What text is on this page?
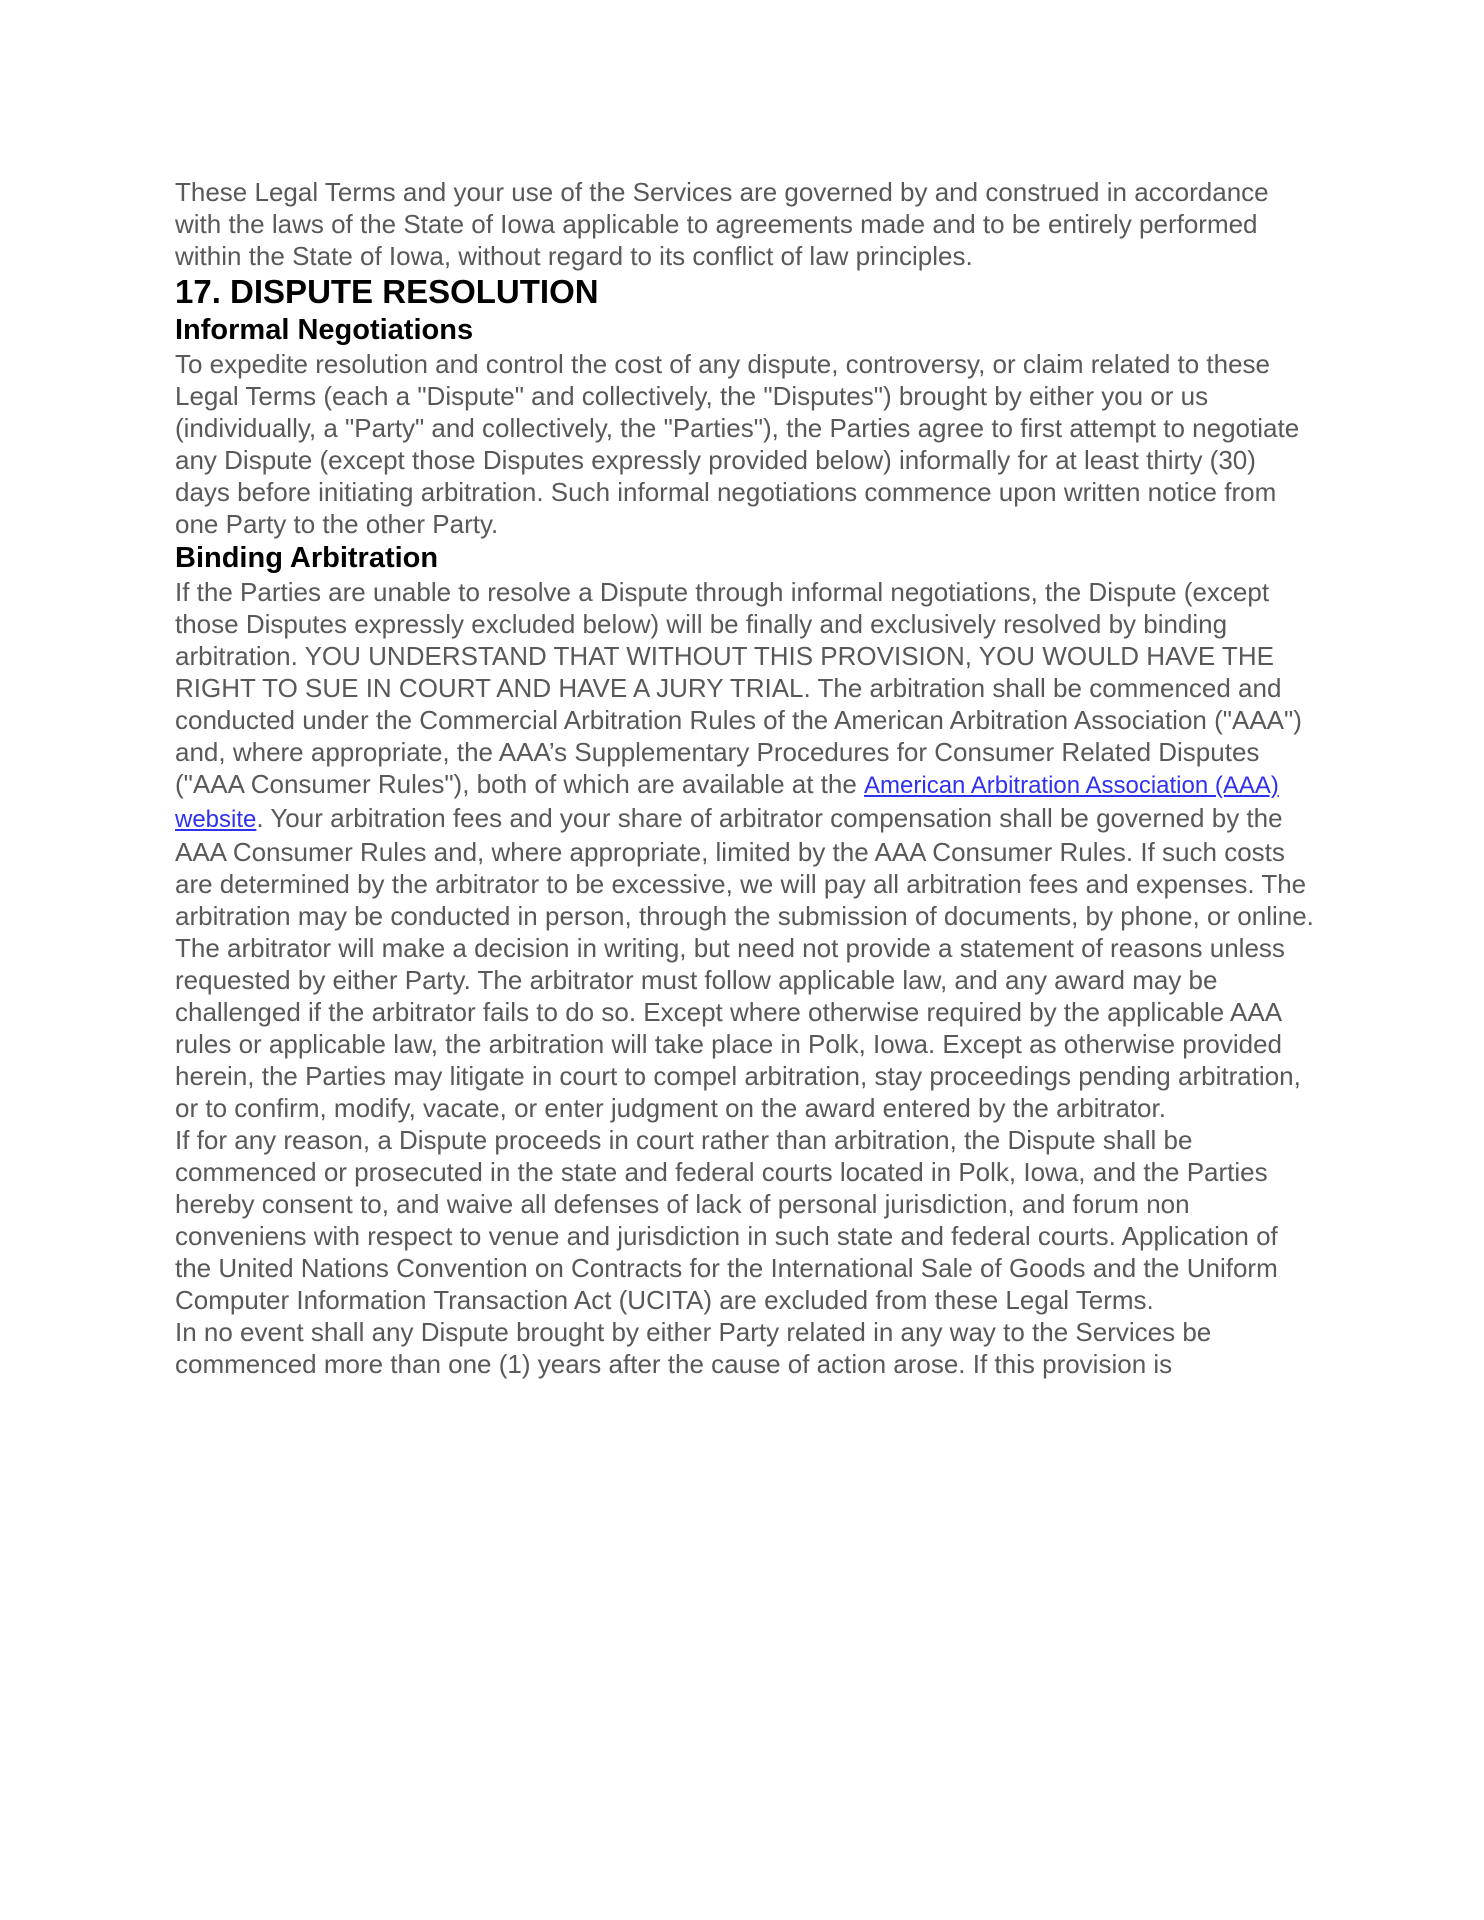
These Legal Terms and your use of the Services are governed by and construed in accordance with the laws of the State of Iowa applicable to agreements made and to be entirely performed within the State of Iowa, without regard to its conflict of law principles.

17. DISPUTE RESOLUTION
Informal Negotiations

To expedite resolution and control the cost of any dispute, controversy, or claim related to these Legal Terms (each a "Dispute" and collectively, the "Disputes") brought by either you or us (individually, a "Party" and collectively, the "Parties"), the Parties agree to first attempt to negotiate any Dispute (except those Disputes expressly provided below) informally for at least thirty (30) days before initiating arbitration. Such informal negotiations commence upon written notice from one Party to the other Party.

Binding Arbitration

If the Parties are unable to resolve a Dispute through informal negotiations, the Dispute (except those Disputes expressly excluded below) will be finally and exclusively resolved by binding arbitration. YOU UNDERSTAND THAT WITHOUT THIS PROVISION, YOU WOULD HAVE THE RIGHT TO SUE IN COURT AND HAVE A JURY TRIAL. The arbitration shall be commenced and conducted under the Commercial Arbitration Rules of the American Arbitration Association ("AAA") and, where appropriate, the AAA’s Supplementary Procedures for Consumer Related Disputes ("AAA Consumer Rules"), both of which are available at the American Arbitration Association (AAA) website. Your arbitration fees and your share of arbitrator compensation shall be governed by the AAA Consumer Rules and, where appropriate, limited by the AAA Consumer Rules. If such costs are determined by the arbitrator to be excessive, we will pay all arbitration fees and expenses. The arbitration may be conducted in person, through the submission of documents, by phone, or online. The arbitrator will make a decision in writing, but need not provide a statement of reasons unless requested by either Party. The arbitrator must follow applicable law, and any award may be challenged if the arbitrator fails to do so. Except where otherwise required by the applicable AAA rules or applicable law, the arbitration will take place in Polk, Iowa. Except as otherwise provided herein, the Parties may litigate in court to compel arbitration, stay proceedings pending arbitration, or to confirm, modify, vacate, or enter judgment on the award entered by the arbitrator.

If for any reason, a Dispute proceeds in court rather than arbitration, the Dispute shall be commenced or prosecuted in the state and federal courts located in Polk, Iowa, and the Parties hereby consent to, and waive all defenses of lack of personal jurisdiction, and forum non conveniens with respect to venue and jurisdiction in such state and federal courts. Application of the United Nations Convention on Contracts for the International Sale of Goods and the Uniform Computer Information Transaction Act (UCITA) are excluded from these Legal Terms.

In no event shall any Dispute brought by either Party related in any way to the Services be commenced more than one (1) years after the cause of action arose. If this provision is
